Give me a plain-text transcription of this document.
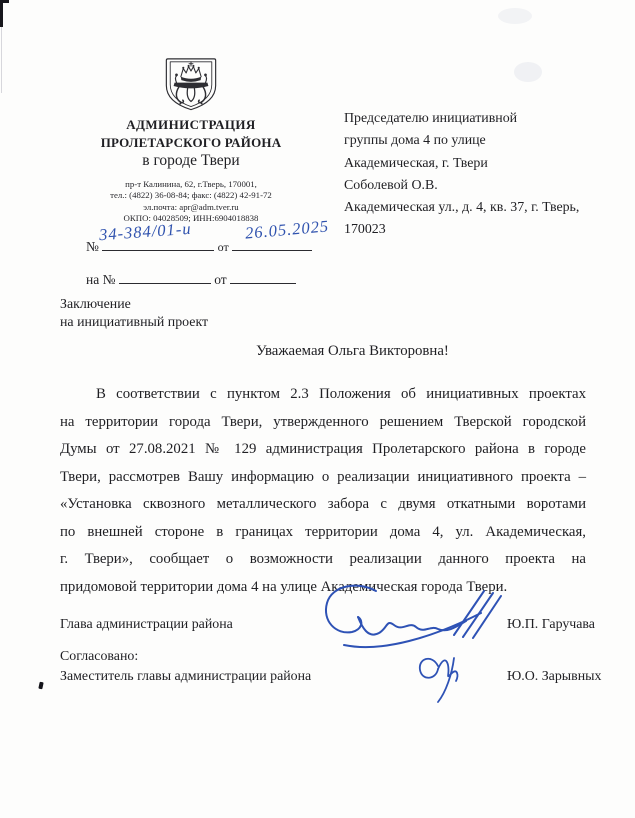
АДМИНИСТРАЦИЯ
ПРОЛЕТАРСКОГО РАЙОНА
в городе Твери
пр-т Калинина, 62, г.Тверь, 170001,
тел.: (4822) 36-08-84; факс: (4822) 42-91-72
эл.почта: apr@adm.tver.ru
ОКПО: 04028509; ИНН:6904018838
№	от
34-384/01-и	26.05.2025
на №	от
Председателю инициативной
группы дома 4 по улице
Академическая, г. Твери
Соболевой О.В.
Академическая ул., д. 4, кв. 37, г. Тверь,
170023
Заключение
на инициативный проект
Уважаемая Ольга Викторовна!
В соответствии с пунктом 2.3 Положения об инициативных проектах
на территории города Твери, утвержденного решением Тверской городской
Думы от 27.08.2021 № 129 администрация Пролетарского района в городе
Твери, рассмотрев Вашу информацию о реализации инициативного проекта –
«Установка сквозного металлического забора с двумя откатными воротами
по внешней стороне в границах территории дома 4, ул. Академическая,
г. Твери», сообщает о возможности реализации данного проекта на
придомовой территории дома 4 на улице Академическая города Твери.
Глава администрации района	Ю.П. Гаручава
Согласовано:
Заместитель главы администрации района	Ю.О. Зарывных
